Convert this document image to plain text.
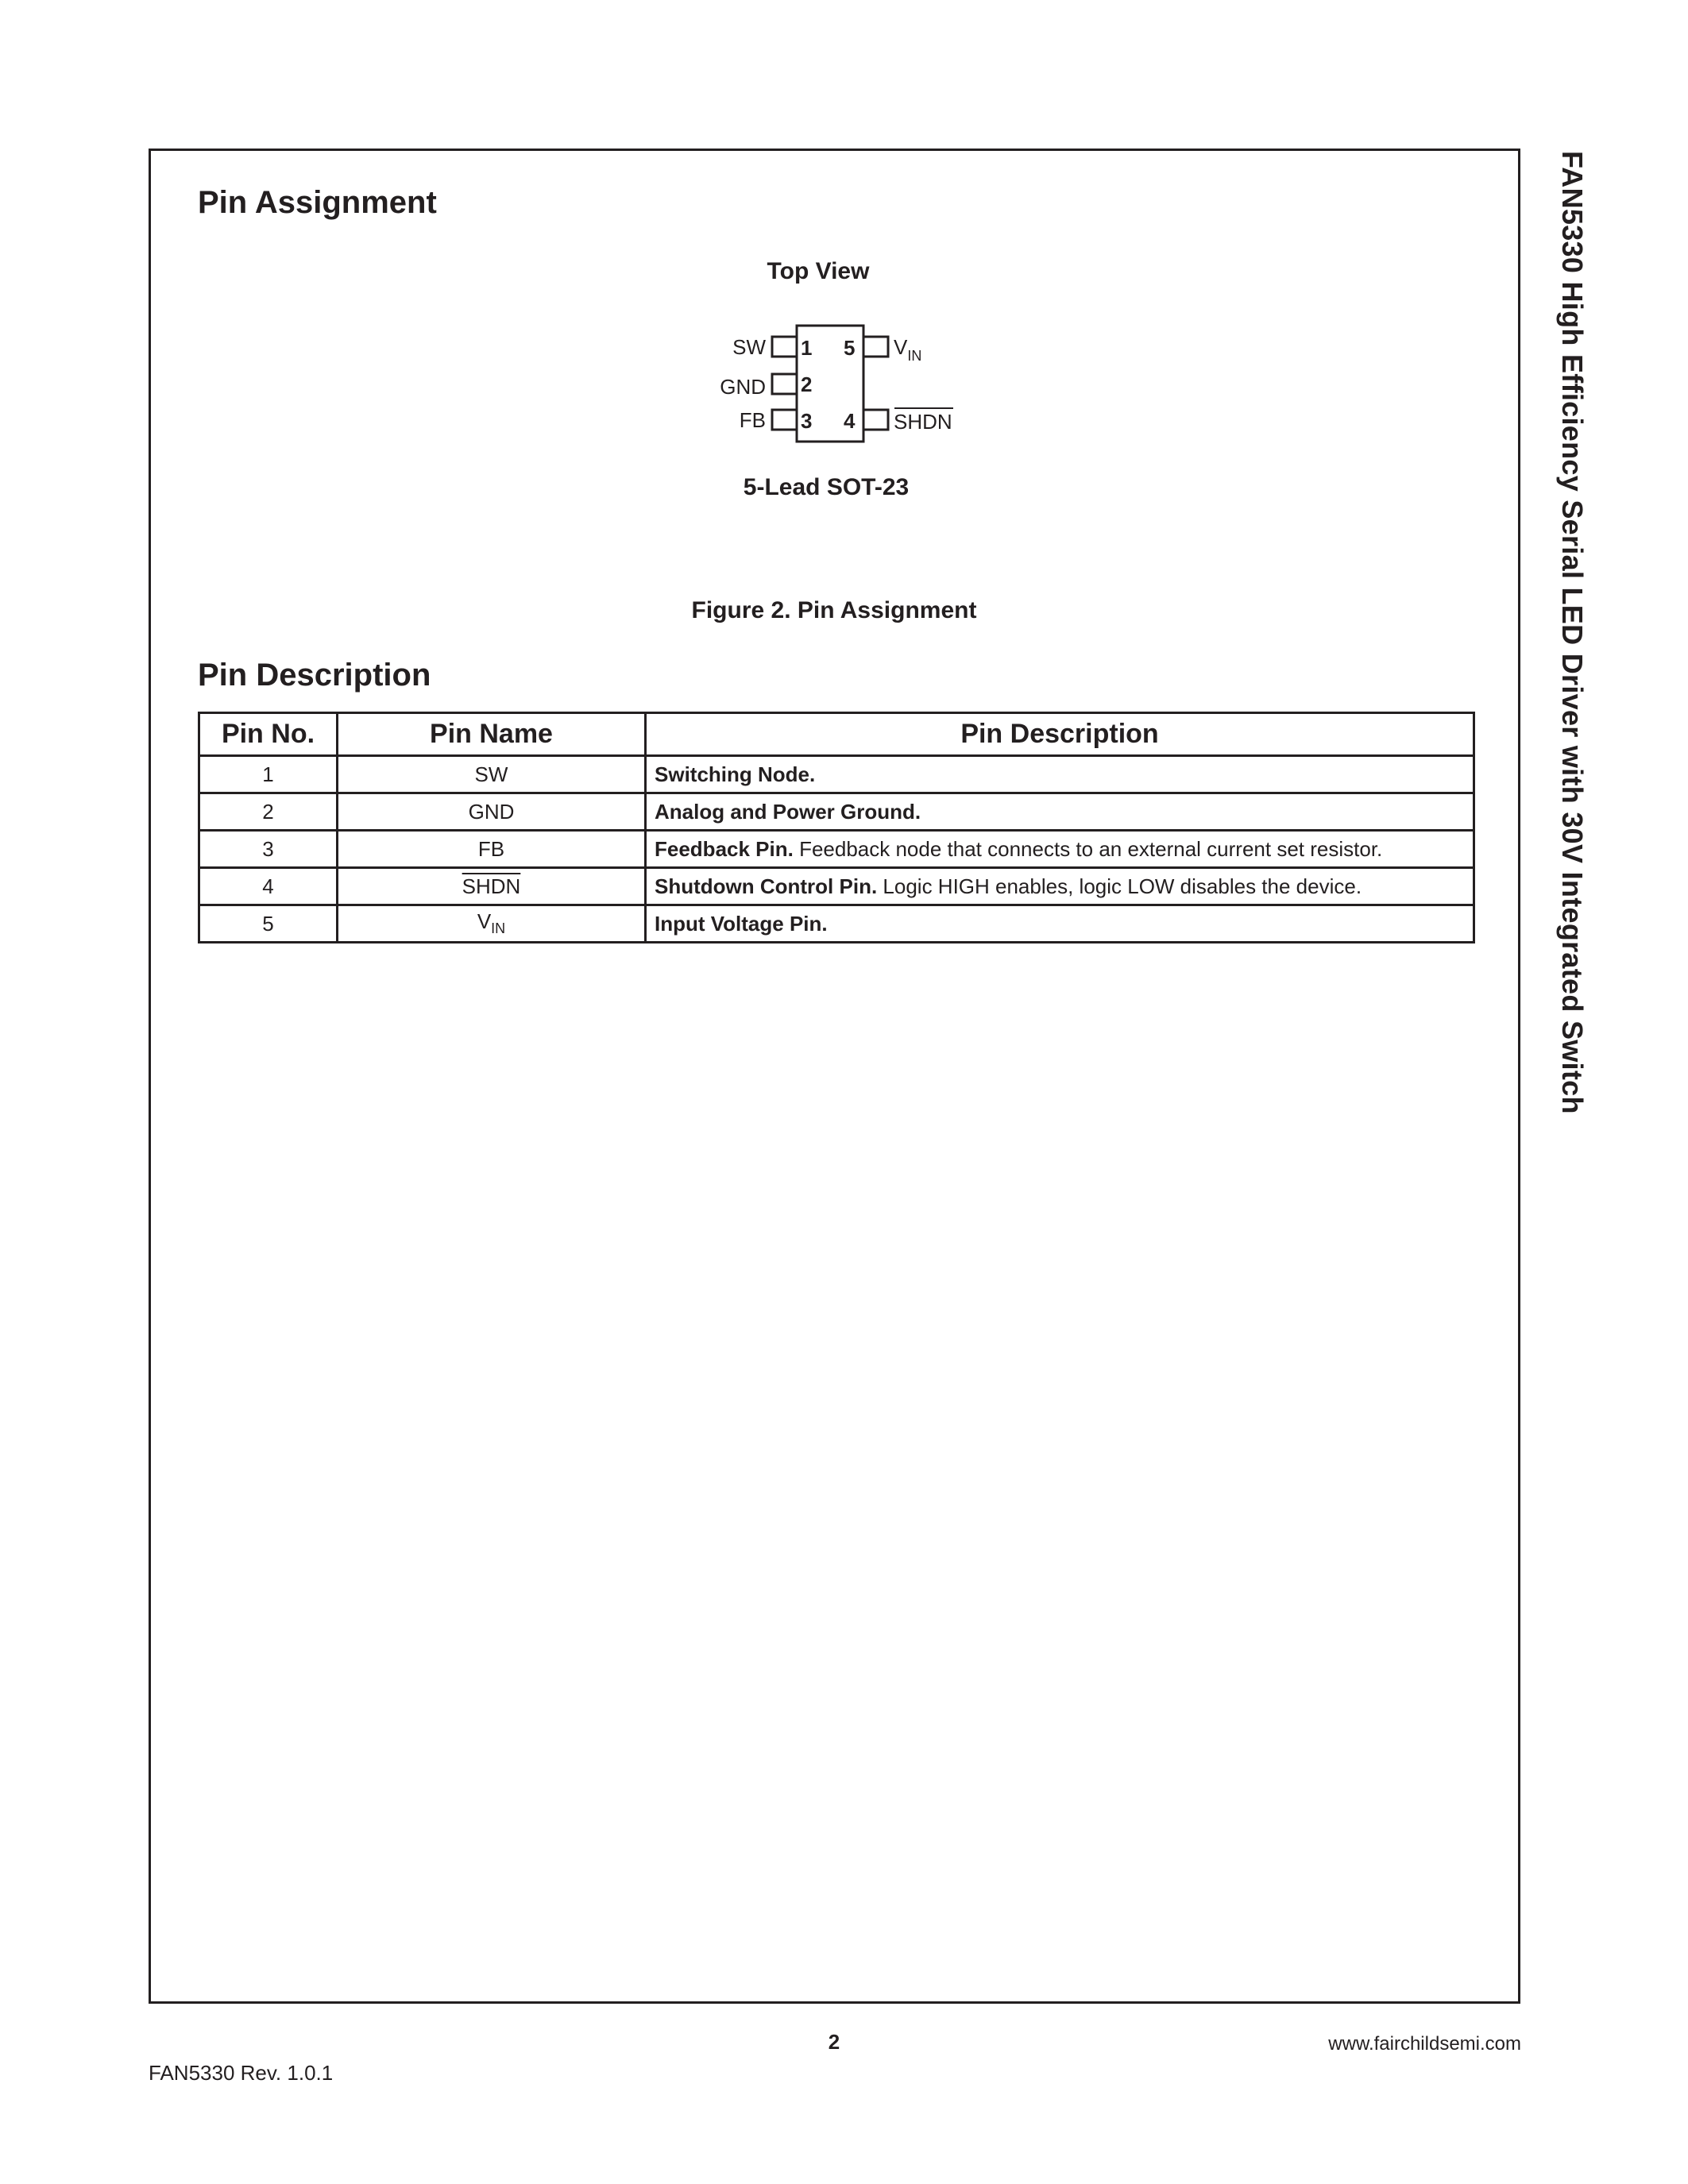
FAN5330 High Efficiency Serial LED Driver with 30V Integrated Switch
Pin Assignment
Top View
1
2
3
5
4
SW
GND
FB
$V_{IN}$
SHDN
5-Lead SOT-23
Figure 2. Pin Assignment
Pin Description
Pin No.	Pin Name	Pin Description
1	SW	Switching Node.
2	GND	Analog and Power Ground.
3	FB	Feedback Pin. Feedback node that connects to an external current set resistor.
4	SHDN	Shutdown Control Pin. Logic HIGH enables, logic LOW disables the device.
5	$V_{IN}$	Input Voltage Pin.
2	www.fairchildsemi.com
FAN5330 Rev. 1.0.1
